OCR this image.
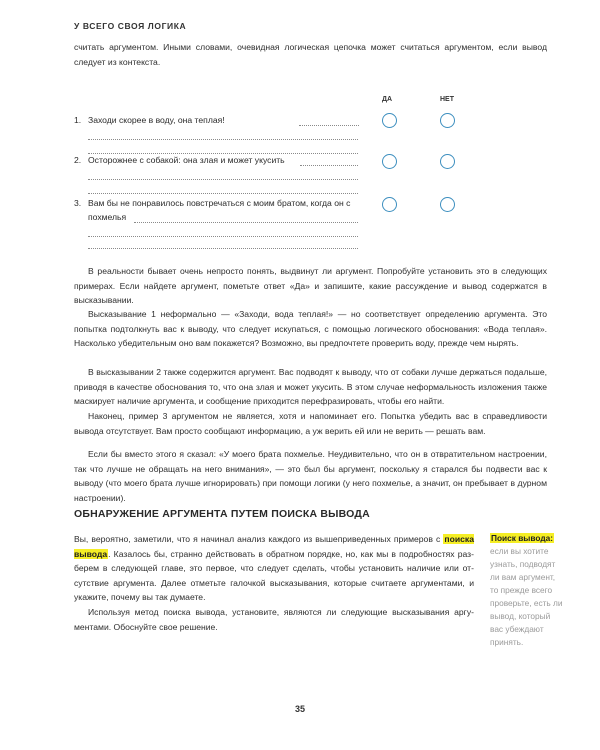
У ВСЕГО СВОЯ ЛОГИКА
считать аргументом. Иными словами, очевидная логическая цепочка может считаться аргументом, если вывод следует из контекста.
ДА	НЕТ
1. Заходи скорее в воду, она теплая!
2. Осторожнее с собакой: она злая и может укусить
3. Вам бы не понравилось повстречаться с моим братом, когда он с похмелья
В реальности бывает очень непросто понять, выдвинут ли аргумент. Попробуйте установить это в следующих примерах. Если найдете аргумент, пометьте ответ «Да» и запишите, какие рассуждение и вывод содержатся в высказывании.
Высказывание 1 неформально — «Заходи, вода теплая!» — но соответствует определению аргумента. Это попытка подтолкнуть вас к выводу, что следует искупаться, с помощью логического обоснования: «Вода теплая». Насколько убедительным оно вам покажется? Возможно, вы предпочтете проверить воду, прежде чем нырять.
В высказывании 2 также содержится аргумент. Вас подводят к выводу, что от собаки лучше держаться подальше, приводя в качестве обоснования то, что она злая и может укусить. В этом случае неформальность изложения также маскирует наличие аргумента, и сообщение приходится перефразировать, чтобы его найти.
Наконец, пример 3 аргументом не является, хотя и напоминает его. Попытка убедить вас в справедливости вывода отсутствует. Вам просто сообщают информацию, а уж верить ей или не верить — решать вам.
Если бы вместо этого я сказал: «У моего брата похмелье. Неудивительно, что он в отвратительном настроении, так что лучше не обращать на него внимания», — это был бы аргумент, поскольку я старался бы подвести вас к выводу (что моего брата лучше игнорировать) при помощи логики (у него похмелье, а значит, он пребывает в дурном настроении).
ОБНАРУЖЕНИЕ АРГУМЕНТА ПУТЕМ ПОИСКА ВЫВОДА

Вы, вероятно, заметили, что я начинал анализ каждого из вышеприведенных примеров с поиска вывода. Казалось бы, странно действовать в обратном порядке, но, как мы в подробностях разберем в следующей главе, это первое, что следует сделать, чтобы установить наличие или отсутствие аргумента. Далее отметьте галочкой высказывания, которые считаете аргументами, и укажите, почему вы так думаете.

Используя метод поиска вывода, установите, являются ли следующие высказывания аргументами. Обоснуйте свое решение.

Поиск вывода: если вы хотите узнать, подводят ли вам аргумент, то прежде всего проверьте, есть ли вывод, который вас убеждают принять.
35
